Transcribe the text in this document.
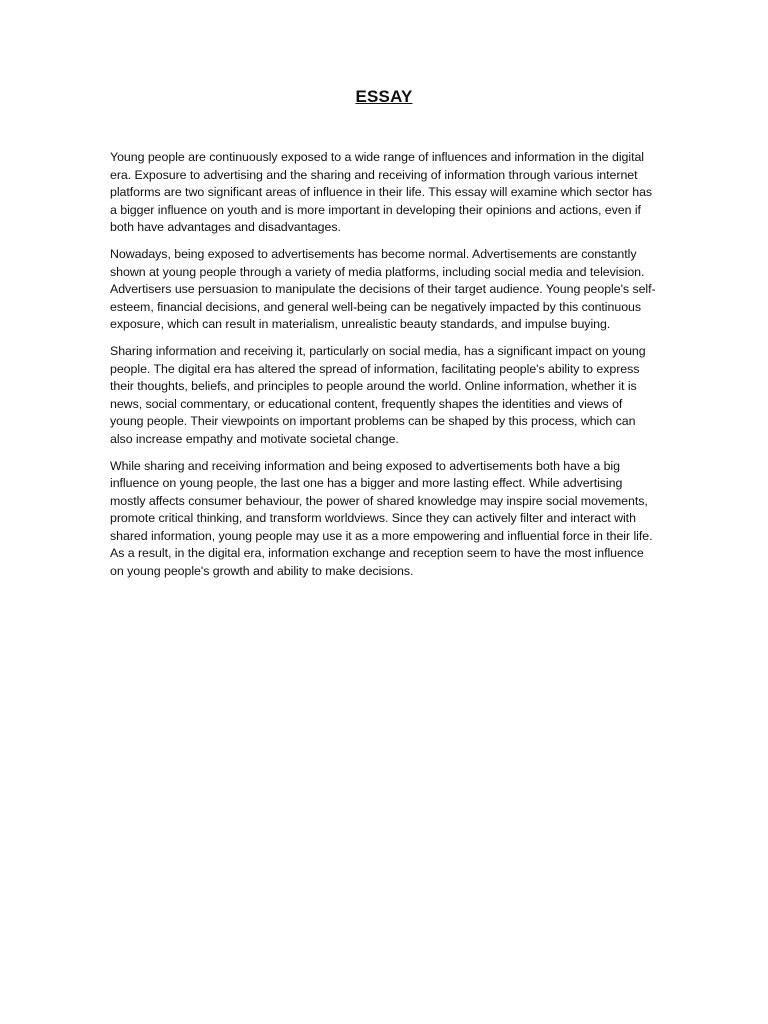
ESSAY

Young people are continuously exposed to a wide range of influences and information in the digital era. Exposure to advertising and the sharing and receiving of information through various internet platforms are two significant areas of influence in their life. This essay will examine which sector has a bigger influence on youth and is more important in developing their opinions and actions, even if both have advantages and disadvantages.

Nowadays, being exposed to advertisements has become normal. Advertisements are constantly shown at young people through a variety of media platforms, including social media and television. Advertisers use persuasion to manipulate the decisions of their target audience. Young people's self-esteem, financial decisions, and general well-being can be negatively impacted by this continuous exposure, which can result in materialism, unrealistic beauty standards, and impulse buying.

Sharing information and receiving it, particularly on social media, has a significant impact on young people. The digital era has altered the spread of information, facilitating people's ability to express their thoughts, beliefs, and principles to people around the world. Online information, whether it is news, social commentary, or educational content, frequently shapes the identities and views of young people. Their viewpoints on important problems can be shaped by this process, which can also increase empathy and motivate societal change.

While sharing and receiving information and being exposed to advertisements both have a big influence on young people, the last one has a bigger and more lasting effect. While advertising mostly affects consumer behaviour, the power of shared knowledge may inspire social movements, promote critical thinking, and transform worldviews. Since they can actively filter and interact with shared information, young people may use it as a more empowering and influential force in their life. As a result, in the digital era, information exchange and reception seem to have the most influence on young people's growth and ability to make decisions.
